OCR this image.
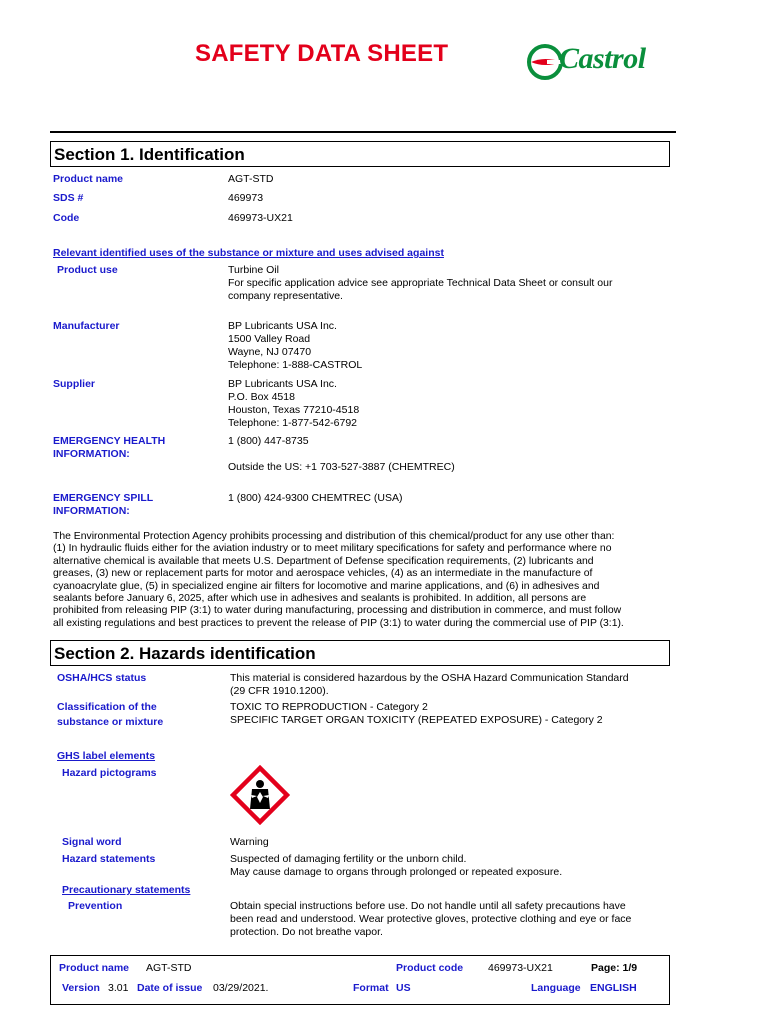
SAFETY DATA SHEET	Castrol
Section 1. Identification
Product name	AGT-STD
SDS #	469973
Code	469973-UX21
Relevant identified uses of the substance or mixture and uses advised against
Product use	Turbine Oil
For specific application advice see appropriate Technical Data Sheet or consult our
company representative.
Manufacturer	BP Lubricants USA Inc.
1500 Valley Road
Wayne, NJ 07470
Telephone: 1-888-CASTROL
Supplier	BP Lubricants USA Inc.
P.O. Box 4518
Houston, Texas 77210-4518
Telephone: 1-877-542-6792
EMERGENCY HEALTH
INFORMATION:
1 (800) 447-8735
Outside the US: +1 703-527-3887 (CHEMTREC)
EMERGENCY SPILL
INFORMATION:
1 (800) 424-9300 CHEMTREC (USA)
The Environmental Protection Agency prohibits processing and distribution of this chemical/product for any use other than:
(1) In hydraulic fluids either for the aviation industry or to meet military specifications for safety and performance where no
alternative chemical is available that meets U.S. Department of Defense specification requirements, (2) lubricants and
greases, (3) new or replacement parts for motor and aerospace vehicles, (4) as an intermediate in the manufacture of
cyanoacrylate glue, (5) in specialized engine air filters for locomotive and marine applications, and (6) in adhesives and
sealants before January 6, 2025, after which use in adhesives and sealants is prohibited. In addition, all persons are
prohibited from releasing PIP (3:1) to water during manufacturing, processing and distribution in commerce, and must follow
all existing regulations and best practices to prevent the release of PIP (3:1) to water during the commercial use of PIP (3:1).
Section 2. Hazards identification
OSHA/HCS status	This material is considered hazardous by the OSHA Hazard Communication Standard
(29 CFR 1910.1200).
Classification of the
substance or mixture
TOXIC TO REPRODUCTION - Category 2
SPECIFIC TARGET ORGAN TOXICITY (REPEATED EXPOSURE) - Category 2
GHS label elements
Hazard pictograms
Signal word	Warning
Hazard statements	Suspected of damaging fertility or the unborn child.
May cause damage to organs through prolonged or repeated exposure.
Precautionary statements
Prevention	Obtain special instructions before use. Do not handle until all safety precautions have
been read and understood. Wear protective gloves, protective clothing and eye or face
protection. Do not breathe vapor.
Product name AGT-STD	Product code 469973-UX21	Page: 1/9
Version 3.01 Date of issue 03/29/2021.	Format US	Language ENGLISH
